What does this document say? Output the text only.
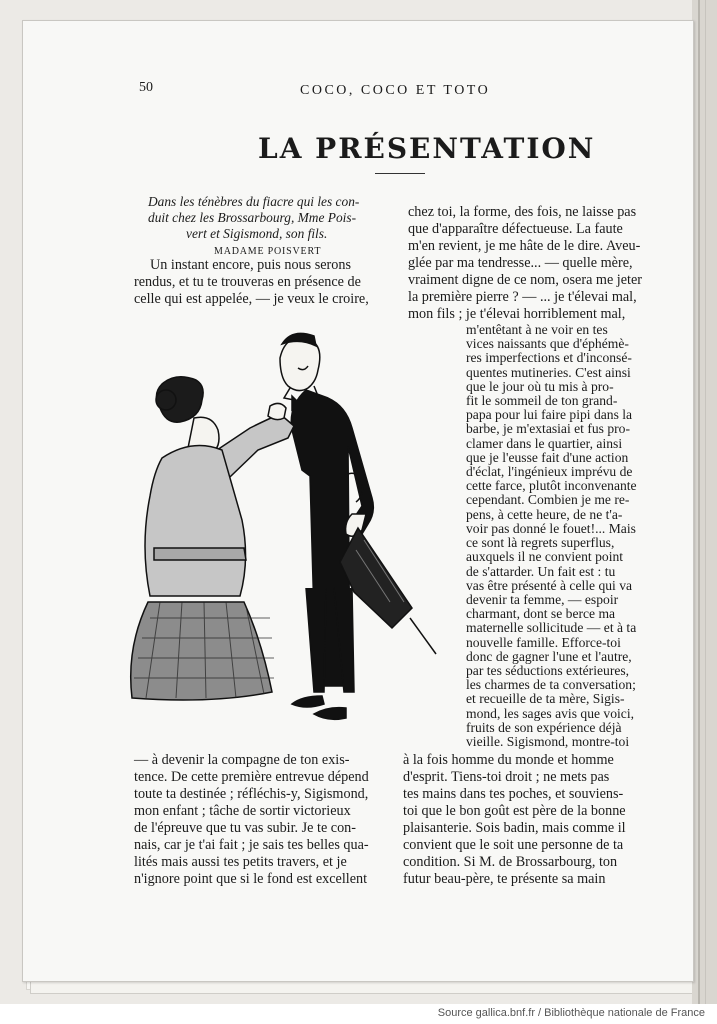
50	COCO, COCO ET TOTO
LA PRÉSENTATION
Dans les ténèbres du fiacre qui les con-
duit chez les Brossarbourg, Mme Pois-
vert et Sigismond, son fils.
MADAME POISVERT
Un instant encore, puis nous serons
rendus, et tu te trouveras en présence de
celle qui est appelée, — je veux le croire,
— à devenir la compagne de ton exis-
tence. De cette première entrevue dépend
toute ta destinée ; réfléchis-y, Sigismond,
mon enfant ; tâche de sortir victorieux
de l'épreuve que tu vas subir. Je te con-
nais, car je t'ai fait ; je sais tes belles qua-
lités mais aussi tes petits travers, et je
n'ignore point que si le fond est excellent
chez toi, la forme, des fois, ne laisse pas
que d'apparaître défectueuse. La faute
m'en revient, je me hâte de le dire. Aveu-
glée par ma tendresse... — quelle mère,
vraiment digne de ce nom, osera me jeter
la première pierre ? — ... je t'élevai mal,
mon fils ; je t'élevai horriblement mal,
m'entêtant à ne voir en tes
vices naissants que d'éphémè-
res imperfections et d'inconsé-
quentes mutineries. C'est ainsi
que le jour où tu mis à pro-
fit le sommeil de ton grand-
papa pour lui faire pipi dans la
barbe, je m'extasiai et fus pro-
clamer dans le quartier, ainsi
que je l'eusse fait d'une action
d'éclat, l'ingénieux imprévu de
cette farce, plutôt inconvenante
cependant. Combien je me re-
pens, à cette heure, de ne t'a-
voir pas donné le fouet!... Mais
ce sont là regrets superflus,
auxquels il ne convient point
de s'attarder. Un fait est : tu
vas être présenté à celle qui va
devenir ta femme, — espoir
charmant, dont se berce ma
maternelle sollicitude — et à ta
nouvelle famille. Efforce-toi
donc de gagner l'une et l'autre,
par tes séductions extérieures,
les charmes de ta conversation;
et recueille de ta mère, Sigis-
mond, les sages avis que voici,
fruits de son expérience déjà
vieille. Sigismond, montre-toi
à la fois homme du monde et homme
d'esprit. Tiens-toi droit ; ne mets pas
tes mains dans tes poches, et souviens-
toi que le bon goût est père de la bonne
plaisanterie. Sois badin, mais comme il
convient que le soit une personne de ta
condition. Si M. de Brossarbourg, ton
futur beau-père, te présente sa main
Source gallica.bnf.fr / Bibliothèque nationale de France
